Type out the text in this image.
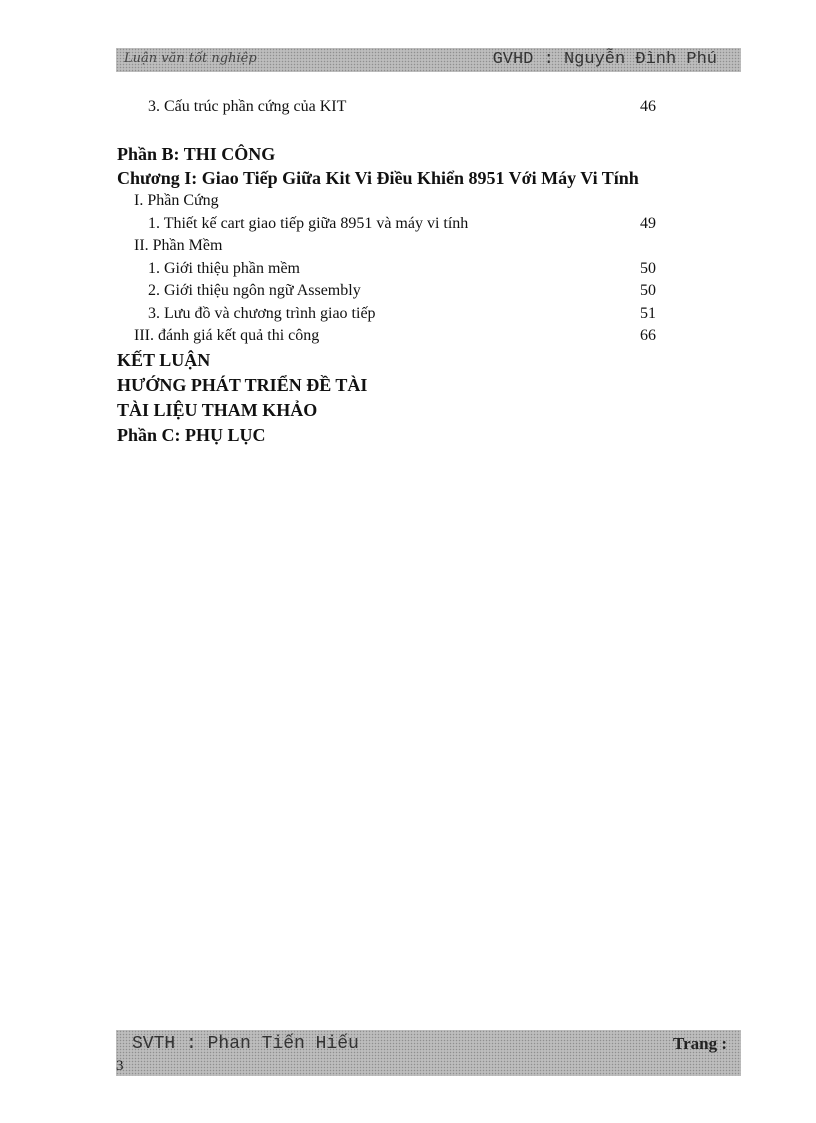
Luận văn tốt nghiệp	GVHD : Nguyễn Đình Phú
3. Cấu trúc phần cứng của KIT	46
Phần B: THI CÔNG
Chương I: Giao Tiếp Giữa Kit Vi Điều Khiển 8951 Với Máy Vi Tính
I. Phần Cứng
1. Thiết kế cart giao tiếp giữa 8951 và máy vi tính	49
II. Phần Mềm
1. Giới thiệu phần mềm	50
2. Giới thiệu ngôn ngữ Assembly	50
3. Lưu đồ và chương trình giao tiếp	51
III. đánh giá kết quả thi công	66
KẾT LUẬN
HƯỚNG PHÁT TRIỂN ĐỀ TÀI
TÀI LIỆU THAM KHẢO
Phần C: PHỤ LỤC
SVTH : Phan Tiến Hiếu	Trang :
3
